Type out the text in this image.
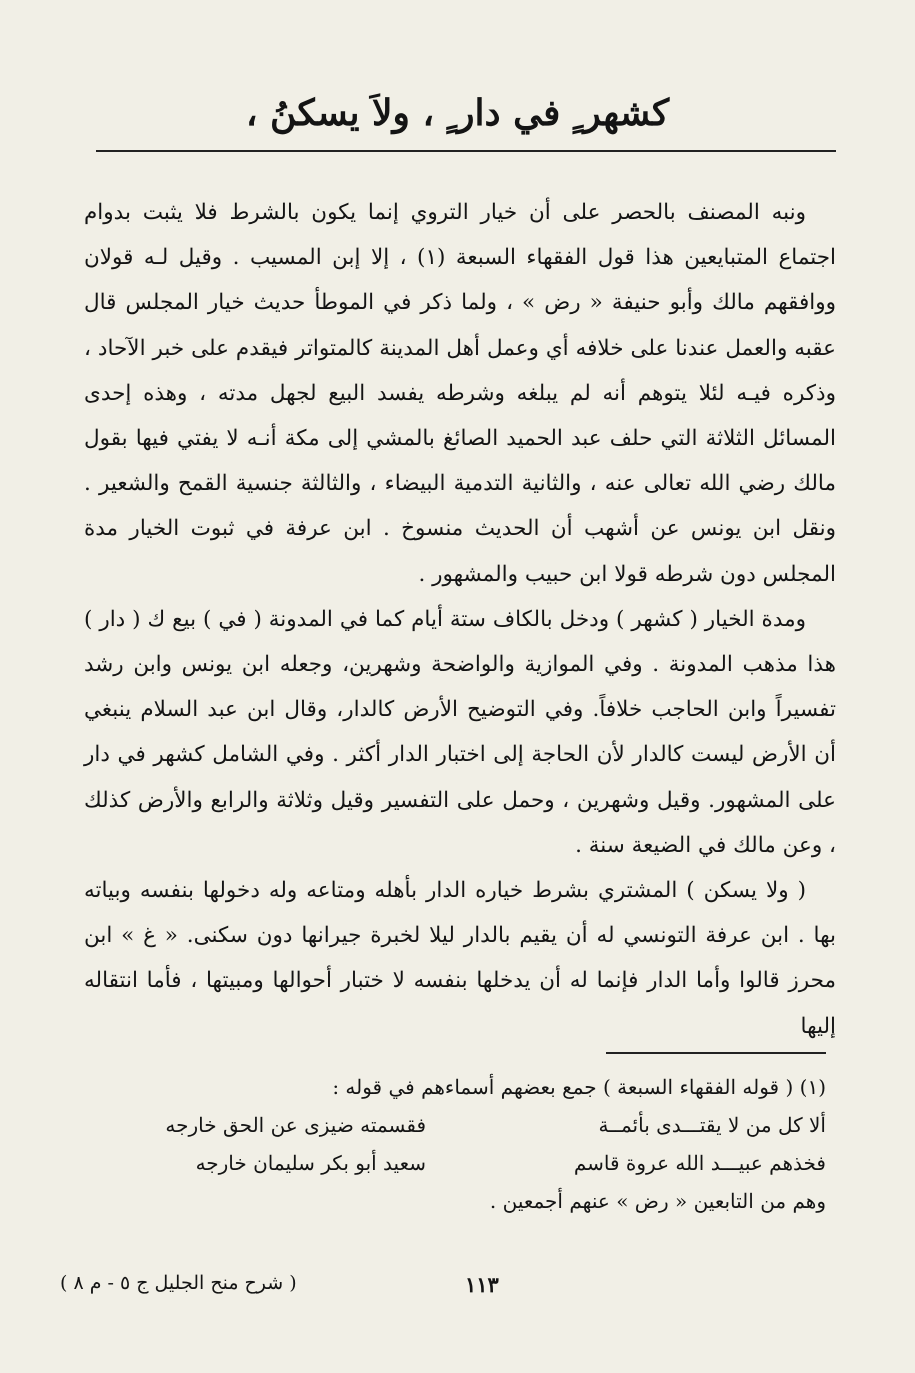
كشهر ٍ في دار ٍ ، ولاَ يسكنُ ،

ونبه المصنف بالحصر على أن خيار التروي إنما يكون بالشرط فلا يثبت بدوام اجتماع المتبايعين هذا قول الفقهاء السبعة (١) ، إلا إبن المسيب . وقيل لـه قولان ووافقهم مالك وأبو حنيفة « رض » ، ولما ذكر في الموطأ حديث خيار المجلس قال عقبه والعمل عندنا على خلافه أي وعمل أهل المدينة كالمتواتر فيقدم على خبر الآحاد ، وذكره فيـه لئلا يتوهم أنه لم يبلغه وشرطه يفسد البيع لجهل مدته ، وهذه إحدى المسائل الثلاثة التي حلف عبد الحميد الصائغ بالمشي إلى مكة أنـه لا يفتي فيها بقول مالك رضي الله تعالى عنه ، والثانية التدمية البيضاء ، والثالثة جنسية القمح والشعير . ونقل ابن يونس عن أشهب أن الحديث منسوخ . ابن عرفة في ثبوت الخيار مدة المجلس دون شرطه قولا ابن حبيب والمشهور .

ومدة الخيار ( كشهر ) ودخل بالكاف ستة أيام كما في المدونة ( في ) بيع ك ( دار ) هذا مذهب المدونة . وفي الموازية والواضحة وشهرين، وجعله ابن يونس وابن رشد تفسيراً وابن الحاجب خلافاً. وفي التوضيح الأرض كالدار، وقال ابن عبد السلام ينبغي أن الأرض ليست كالدار لأن الحاجة إلى اختبار الدار أكثر . وفي الشامل كشهر في دار على المشهور. وقيل وشهرين ، وحمل على التفسير وقيل وثلاثة والرابع والأرض كذلك ، وعن مالك في الضيعة سنة .

( ولا يسكن ) المشتري بشرط خياره الدار بأهله ومتاعه وله دخولها بنفسه وبياته بها . ابن عرفة التونسي له أن يقيم بالدار ليلا لخبرة جيرانها دون سكنى. « غ » ابن محرز قالوا وأما الدار فإنما له أن يدخلها بنفسه لا ختبار أحوالها ومبيتها ، فأما انتقاله إليها

(١) ( قوله الفقهاء السبعة ) جمع بعضهم أسماءهم في قوله :

ألا كل من لا يقتـــدى بأئمــة
فقسمته ضيزى عن الحق خارجه
فخذهم عبيـــد الله عروة قاسم
سعيد أبو بكر سليمان خارجه

وهم من التابعين « رض » عنهم أجمعين .

( شرح منح الجليل ج ٥ - م ٨ )	١١٣
